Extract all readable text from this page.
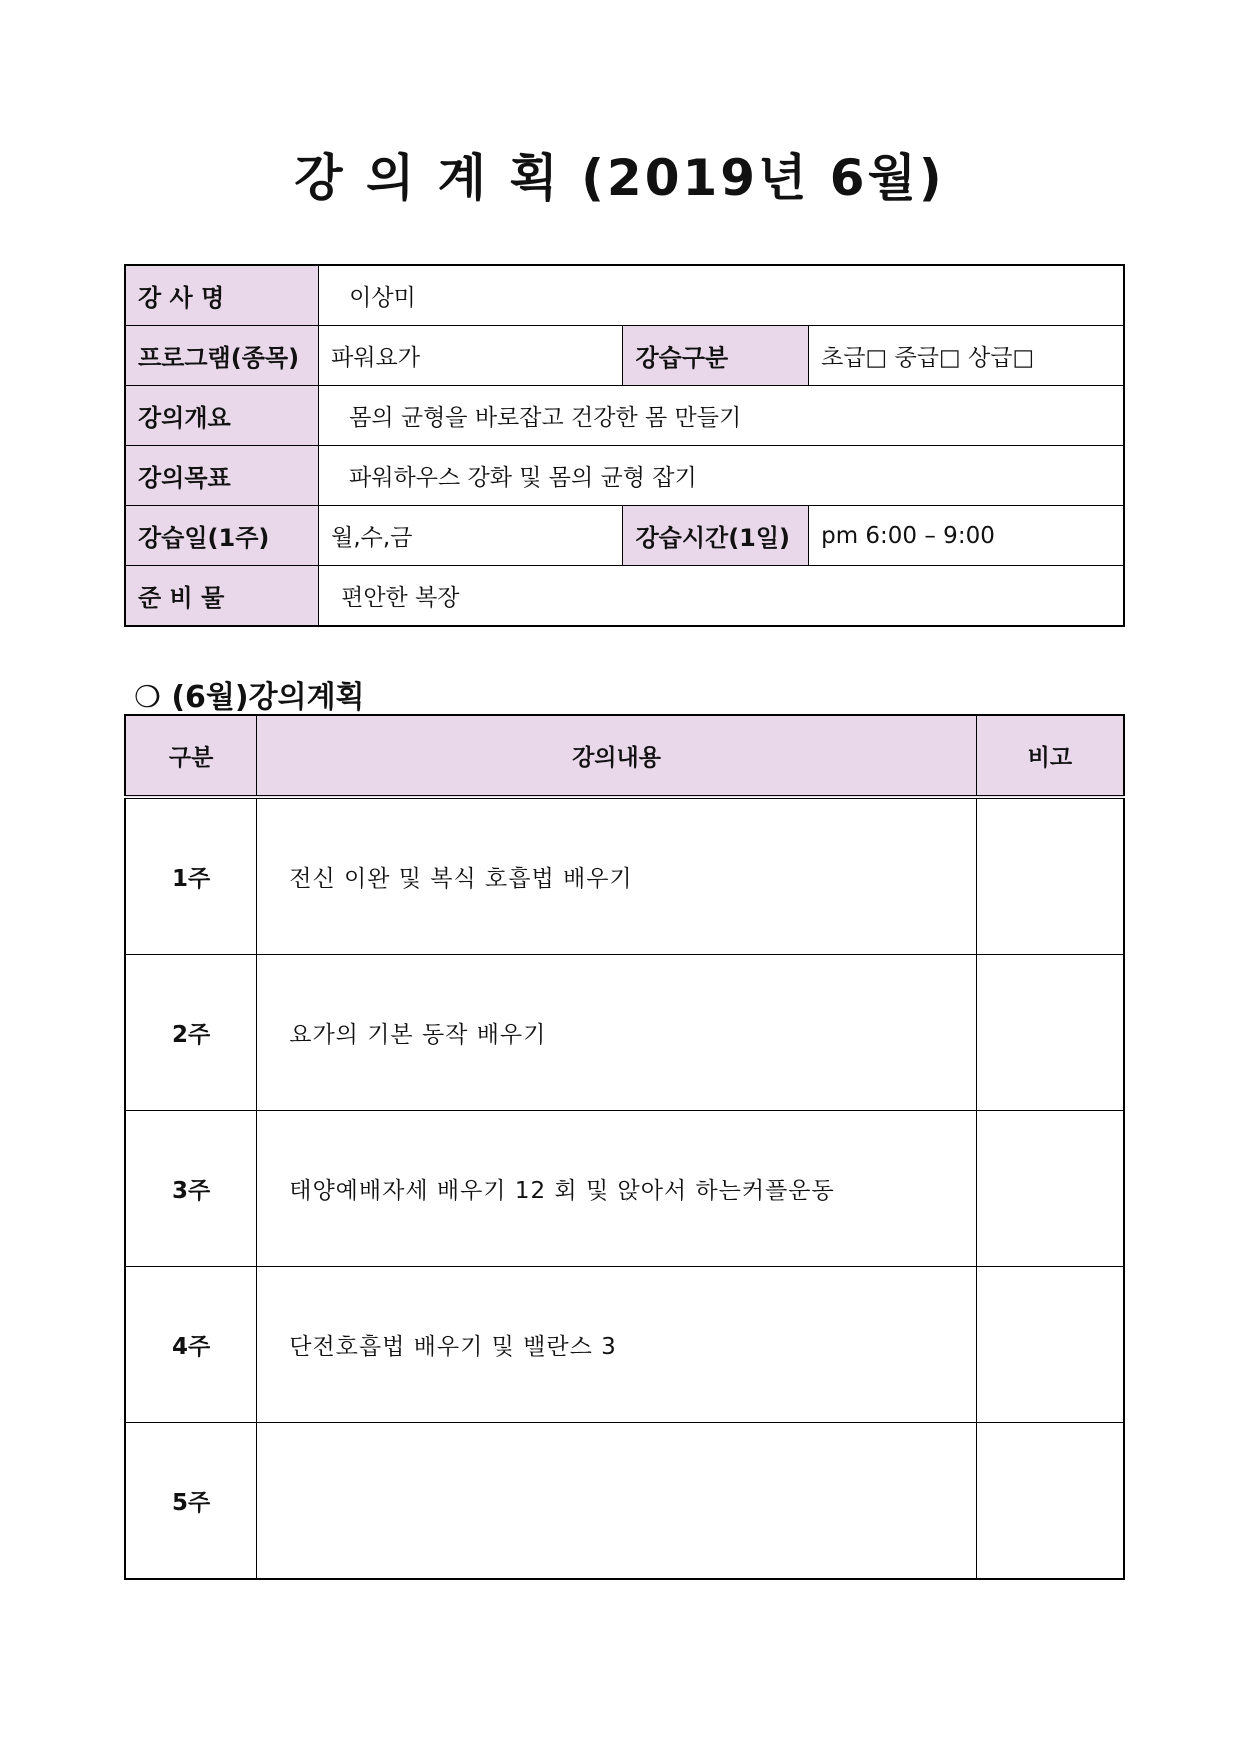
강 의 계 획 (2019년 6월)
강 사 명	이상미		
프로그램(종목)	파워요가	강습구분	초급□ 중급□ 상급□
강의개요	몸의 균형을 바로잡고 건강한 몸 만들기		
강의목표	파워하우스 강화 및 몸의 균형 잡기		
강습일(1주)	월,수,금	강습시간(1일)	pm 6:00 – 9:00
준 비 물	편안한 복장		
❍ (6월)강의계획
구분	강의내용	비고
1주	전신 이완 및 복식 호흡법 배우기	
2주	요가의 기본 동작 배우기	
3주	태양예배자세 배우기 12 회 및 앉아서 하는커플운동	
4주	단전호흡법 배우기 및 밸란스 3	
5주		
